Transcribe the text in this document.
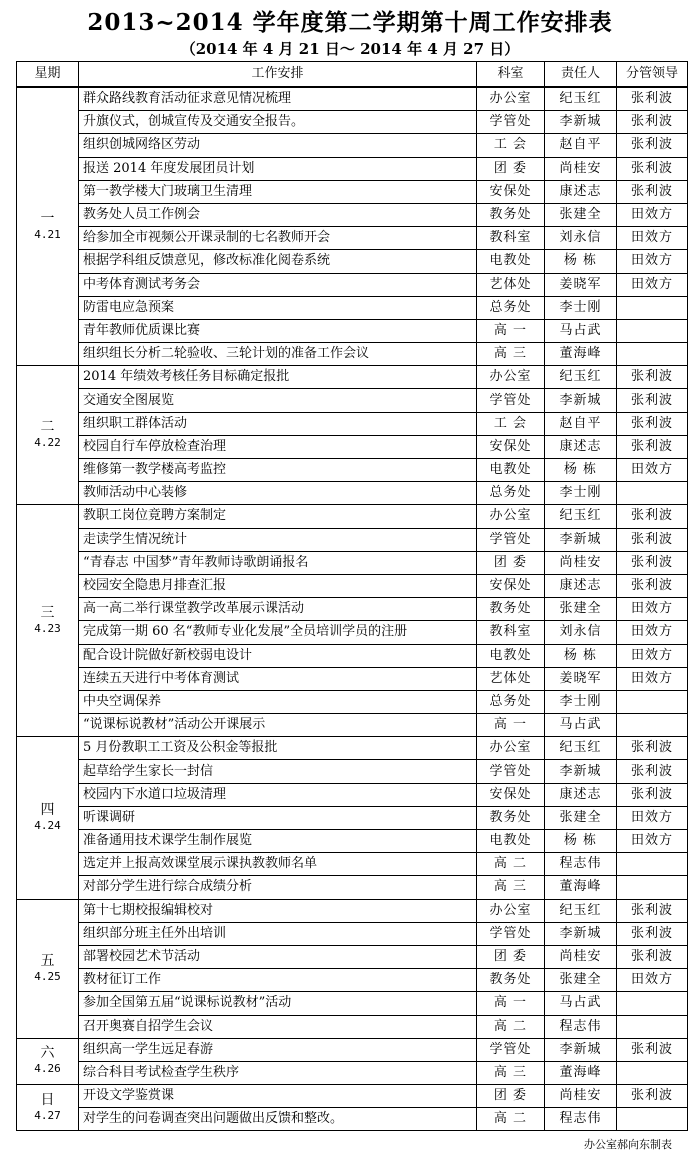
2013~2014 学年度第二学期第十周工作安排表
（2014 年 4 月 21 日～ 2014 年 4 月 27 日）
星期	工作安排	科室	责任人	分管领导

一
4.21	群众路线教育活动征求意见情况梳理	办公室	纪玉红	张利波
	升旗仪式，创城宣传及交通安全报告。	学管处	李新城	张利波
	组织创城网络区劳动	工 会	赵自平	张利波
	报送 2014 年度发展团员计划	团 委	尚桂安	张利波
	第一教学楼大门玻璃卫生清理	安保处	康述志	张利波
	教务处人员工作例会	教务处	张建全	田效方
	给参加全市视频公开课录制的七名教师开会	教科室	刘永信	田效方
	根据学科组反馈意见，修改标准化阅卷系统	电教处	杨 栋	田效方
	中考体育测试考务会	艺体处	姜晓军	田效方
	防雷电应急预案	总务处	李士刚	
	青年教师优质课比赛	高 一	马占武	
	组织组长分析二轮验收、三轮计划的准备工作会议	高 三	董海峰	

二
4.22	2014 年绩效考核任务目标确定报批	办公室	纪玉红	张利波
	交通安全图展览	学管处	李新城	张利波
	组织职工群体活动	工 会	赵自平	张利波
	校园自行车停放检查治理	安保处	康述志	张利波
	维修第一教学楼高考监控	电教处	杨 栋	田效方
	教师活动中心装修	总务处	李士刚	

三
4.23	教职工岗位竟聘方案制定	办公室	纪玉红	张利波
	走读学生情况统计	学管处	李新城	张利波
	“青春志 中国梦”青年教师诗歌朗诵报名	团 委	尚桂安	张利波
	校园安全隐患月排查汇报	安保处	康述志	张利波
	高一高二举行课堂教学改革展示课活动	教务处	张建全	田效方
	完成第一期 60 名“教师专业化发展”全员培训学员的注册	教科室	刘永信	田效方
	配合设计院做好新校弱电设计	电教处	杨 栋	田效方
	连续五天进行中考体育测试	艺体处	姜晓军	田效方
	中央空调保养	总务处	李士刚	
	“说课标说教材”活动公开课展示	高 一	马占武	

四
4.24	5 月份教职工工资及公积金等报批	办公室	纪玉红	张利波
	起草给学生家长一封信	学管处	李新城	张利波
	校园内下水道口垃圾清理	安保处	康述志	张利波
	听课调研	教务处	张建全	田效方
	准备通用技术课学生制作展览	电教处	杨 栋	田效方
	选定并上报高效课堂展示课执教教师名单	高 二	程志伟	
	对部分学生进行综合成绩分析	高 三	董海峰	

五
4.25	第十七期校报编辑校对	办公室	纪玉红	张利波
	组织部分班主任外出培训	学管处	李新城	张利波
	部署校园艺术节活动	团 委	尚桂安	张利波
	教材征订工作	教务处	张建全	田效方
	参加全国第五届“说课标说教材”活动	高 一	马占武	
	召开奥赛自招学生会议	高 二	程志伟	

六
4.26	组织高一学生远足春游	学管处	李新城	张利波
	综合科目考试检查学生秩序	高 三	董海峰	

日
4.27	开设文学鉴赏课	团 委	尚桂安	张利波
	对学生的问卷调查突出问题做出反馈和整改。	高 二	程志伟	
办公室郝向东制表
